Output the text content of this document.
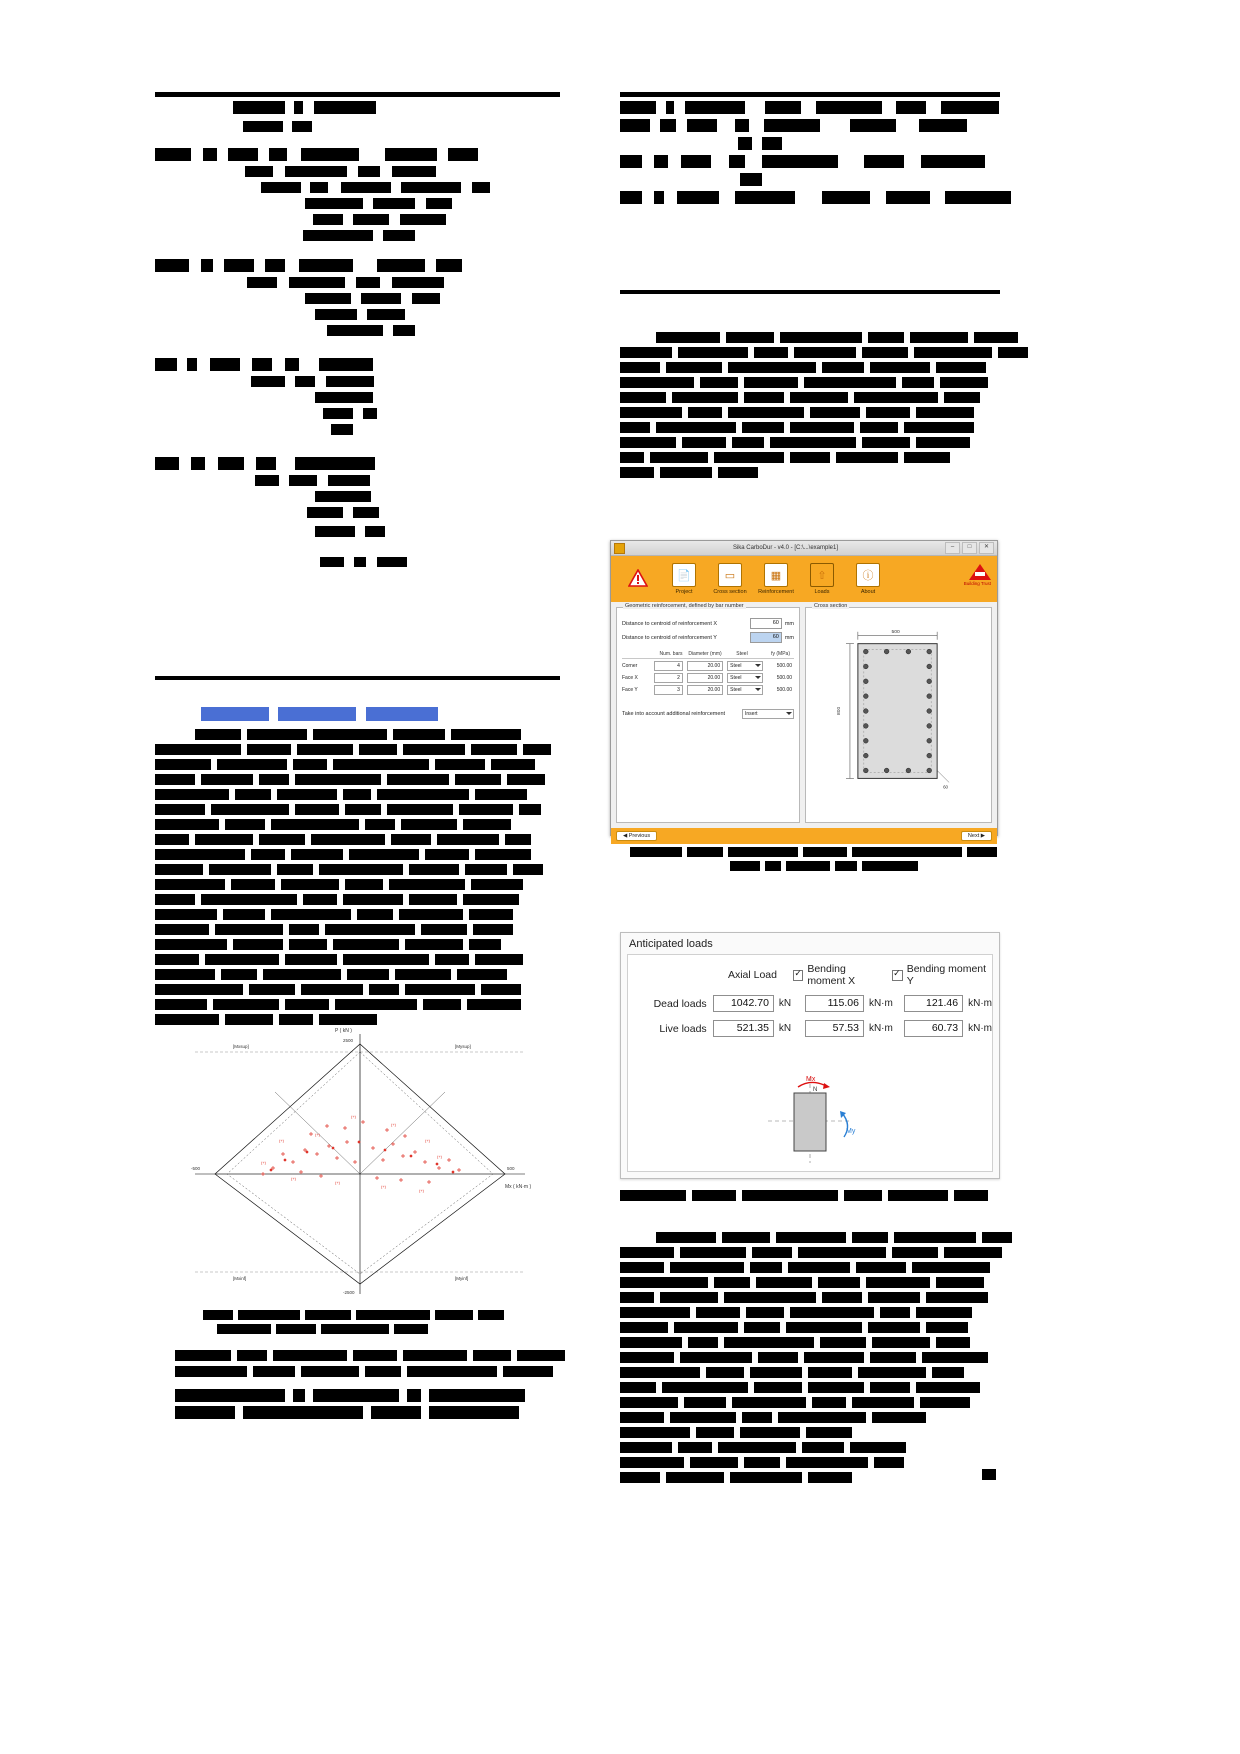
(+)
(+)
(+)
(+)
(+)
(+)
(+)
(+)
(+)
(+)
(+)
P ( kN )
2500
Mx ( kN·m )
500
-500
-2500
[Mxsup]	[Mysup]
[Mxinf]	[Myinf]

Sika CarboDur - v4.0 - [C:\...\example1]	–	□	✕
📄
Project
▭
Cross section
▦
Reinforcement
⇧
Loads
ⓘ
About
Building Trust
Geometric reinforcement, defined by bar number
Distance to centroid of reinforcement X	60	mm
Distance to centroid of reinforcement Y	60	mm
Num. bars	Diameter (mm)	Steel	fy (MPa)
Corner	4	20.00	Steel	500.00
Face X	2	20.00	Steel	500.00
Face Y	3	20.00	Steel	500.00
Take into account additional reinforcement	Insert
Cross section
500
800
60
◀ Previous	Next ▶
Anticipated loads
Axial Load ✓	Bending moment X
✓
Bending moment Y
Dead loads	1042.70	kN	115.06	kN·m	121.46	kN·m
Live loads	521.35	kN	57.53	kN·m	60.73	kN·m
Mx
My
N
